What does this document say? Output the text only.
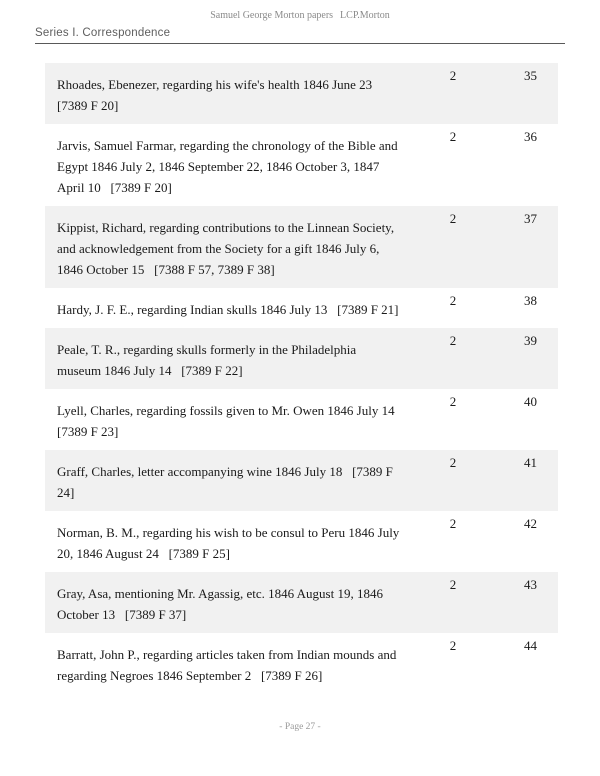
Samuel George Morton papers LCP.Morton
Series I. Correspondence
Rhoades, Ebenezer, regarding his wife's health 1846 June 23   [7389 F 20]
2	35
Jarvis, Samuel Farmar, regarding the chronology of the Bible and Egypt 1846 July 2, 1846 September 22, 1846 October 3, 1847 April 10   [7389 F 20]
2	36
Kippist, Richard, regarding contributions to the Linnean Society, and acknowledgement from the Society for a gift 1846 July 6, 1846 October 15   [7388 F 57, 7389 F 38]
2	37
Hardy, J. F. E., regarding Indian skulls 1846 July 13   [7389 F 21]
2	38
Peale, T. R., regarding skulls formerly in the Philadelphia museum 1846 July 14   [7389 F 22]
2	39
Lyell, Charles, regarding fossils given to Mr. Owen 1846 July 14   [7389 F 23]
2	40
Graff, Charles, letter accompanying wine 1846 July 18   [7389 F 24]
2	41
Norman, B. M., regarding his wish to be consul to Peru 1846 July 20, 1846 August 24   [7389 F 25]
2	42
Gray, Asa, mentioning Mr. Agassig, etc. 1846 August 19, 1846 October 13   [7389 F 37]
2	43
Barratt, John P., regarding articles taken from Indian mounds and regarding Negroes 1846 September 2   [7389 F 26]
2	44
- Page 27 -
